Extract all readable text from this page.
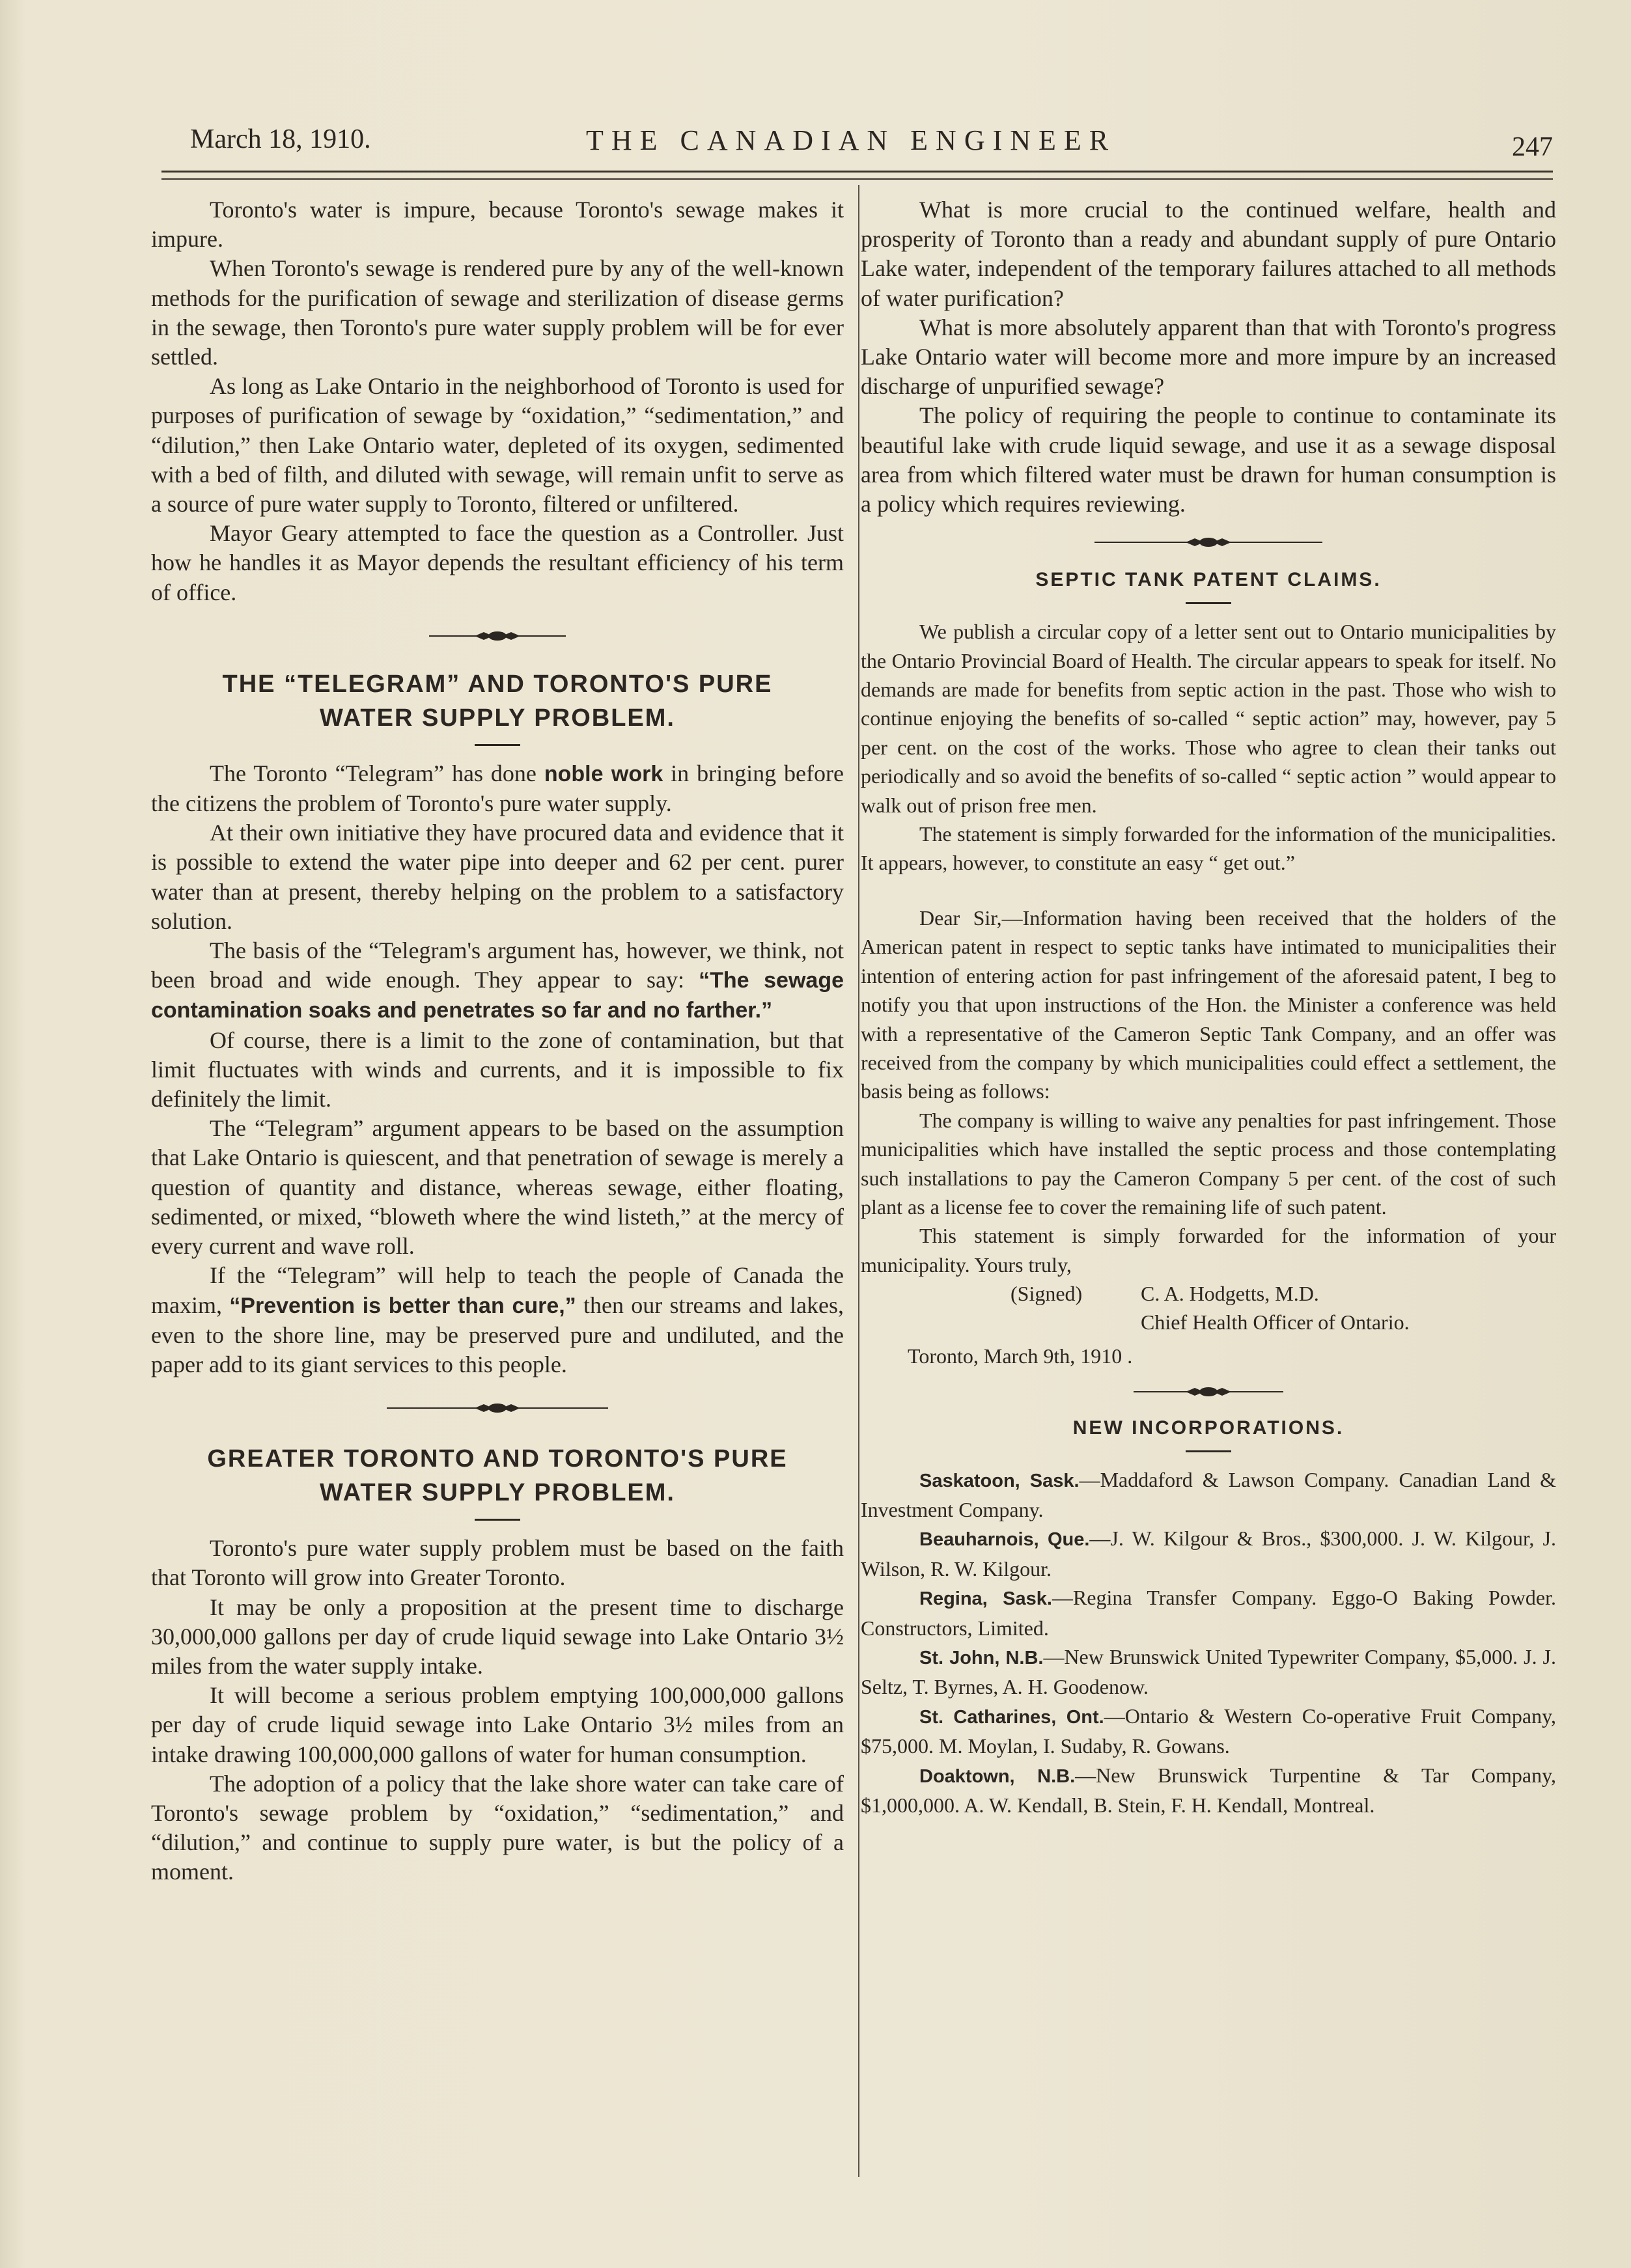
March 18, 1910.	THE CANADIAN ENGINEER	247

Toronto's water is impure, because Toronto's sewage makes it impure.

When Toronto's sewage is rendered pure by any of the well-known methods for the purification of sewage and sterilization of disease germs in the sewage, then Toronto's pure water supply problem will be for ever settled.

As long as Lake Ontario in the neighborhood of Toronto is used for purposes of purification of sewage by “oxidation,” “sedimentation,” and “dilution,” then Lake Ontario water, depleted of its oxygen, sedimented with a bed of filth, and diluted with sewage, will remain unfit to serve as a source of pure water supply to Toronto, filtered or unfiltered.

Mayor Geary attempted to face the question as a Controller. Just how he handles it as Mayor depends the resultant efficiency of his term of office.

THE “TELEGRAM” AND TORONTO'S PURE WATER SUPPLY PROBLEM.

The Toronto “Telegram” has done noble work in bringing before the citizens the problem of Toronto's pure water supply.

At their own initiative they have procured data and evidence that it is possible to extend the water pipe into deeper and 62 per cent. purer water than at present, thereby helping on the problem to a satisfactory solution.

The basis of the “Telegram's argument has, however, we think, not been broad and wide enough. They appear to say: “The sewage contamination soaks and penetrates so far and no farther.”

Of course, there is a limit to the zone of contamination, but that limit fluctuates with winds and currents, and it is impossible to fix definitely the limit.

The “Telegram” argument appears to be based on the assumption that Lake Ontario is quiescent, and that penetration of sewage is merely a question of quantity and distance, whereas sewage, either floating, sedimented, or mixed, “bloweth where the wind listeth,” at the mercy of every current and wave roll.

If the “Telegram” will help to teach the people of Canada the maxim, “Prevention is better than cure,” then our streams and lakes, even to the shore line, may be preserved pure and undiluted, and the paper add to its giant services to this people.

GREATER TORONTO AND TORONTO'S PURE WATER SUPPLY PROBLEM.

Toronto's pure water supply problem must be based on the faith that Toronto will grow into Greater Toronto.

It may be only a proposition at the present time to discharge 30,000,000 gallons per day of crude liquid sewage into Lake Ontario 3½ miles from the water supply intake.

It will become a serious problem emptying 100,000,000 gallons per day of crude liquid sewage into Lake Ontario 3½ miles from an intake drawing 100,000,000 gallons of water for human consumption.

The adoption of a policy that the lake shore water can take care of Toronto's sewage problem by “oxidation,” “sedimentation,” and “dilution,” and continue to supply pure water, is but the policy of a moment.

What is more crucial to the continued welfare, health and prosperity of Toronto than a ready and abundant supply of pure Ontario Lake water, independent of the temporary failures attached to all methods of water purification?

What is more absolutely apparent than that with Toronto's progress Lake Ontario water will become more and more impure by an increased discharge of unpurified sewage?

The policy of requiring the people to continue to contaminate its beautiful lake with crude liquid sewage, and use it as a sewage disposal area from which filtered water must be drawn for human consumption is a policy which requires reviewing.

SEPTIC TANK PATENT CLAIMS.

We publish a circular copy of a letter sent out to Ontario municipalities by the Ontario Provincial Board of Health. The circular appears to speak for itself. No demands are made for benefits from septic action in the past. Those who wish to continue enjoying the benefits of so-called “ septic action” may, however, pay 5 per cent. on the cost of the works. Those who agree to clean their tanks out periodically and so avoid the benefits of so-called “ septic action ” would appear to walk out of prison free men.

The statement is simply forwarded for the information of the municipalities. It appears, however, to constitute an easy “ get out.”

Dear Sir,—Information having been received that the holders of the American patent in respect to septic tanks have intimated to municipalities their intention of entering action for past infringement of the aforesaid patent, I beg to notify you that upon instructions of the Hon. the Minister a conference was held with a representative of the Cameron Septic Tank Company, and an offer was received from the company by which municipalities could effect a settlement, the basis being as follows:

The company is willing to waive any penalties for past infringement. Those municipalities which have installed the septic process and those contemplating such installations to pay the Cameron Company 5 per cent. of the cost of such plant as a license fee to cover the remaining life of such patent.

This statement is simply forwarded for the information of your municipality. Yours truly,

(Signed)	C. A. Hodgetts, M.D.
Chief Health Officer of Ontario.
Toronto, March 9th, 1910 .
NEW INCORPORATIONS.

Saskatoon, Sask.—Maddaford & Lawson Company. Canadian Land & Investment Company.

Beauharnois, Que.—J. W. Kilgour & Bros., $300,000. J. W. Kilgour, J. Wilson, R. W. Kilgour.

Regina, Sask.—Regina Transfer Company. Eggo-O Baking Powder. Constructors, Limited.

St. John, N.B.—New Brunswick United Typewriter Company, $5,000. J. J. Seltz, T. Byrnes, A. H. Goodenow.

St. Catharines, Ont.—Ontario & Western Co-operative Fruit Company, $75,000. M. Moylan, I. Sudaby, R. Gowans.

Doaktown, N.B.—New Brunswick Turpentine & Tar Company, $1,000,000. A. W. Kendall, B. Stein, F. H. Kendall, Montreal.
